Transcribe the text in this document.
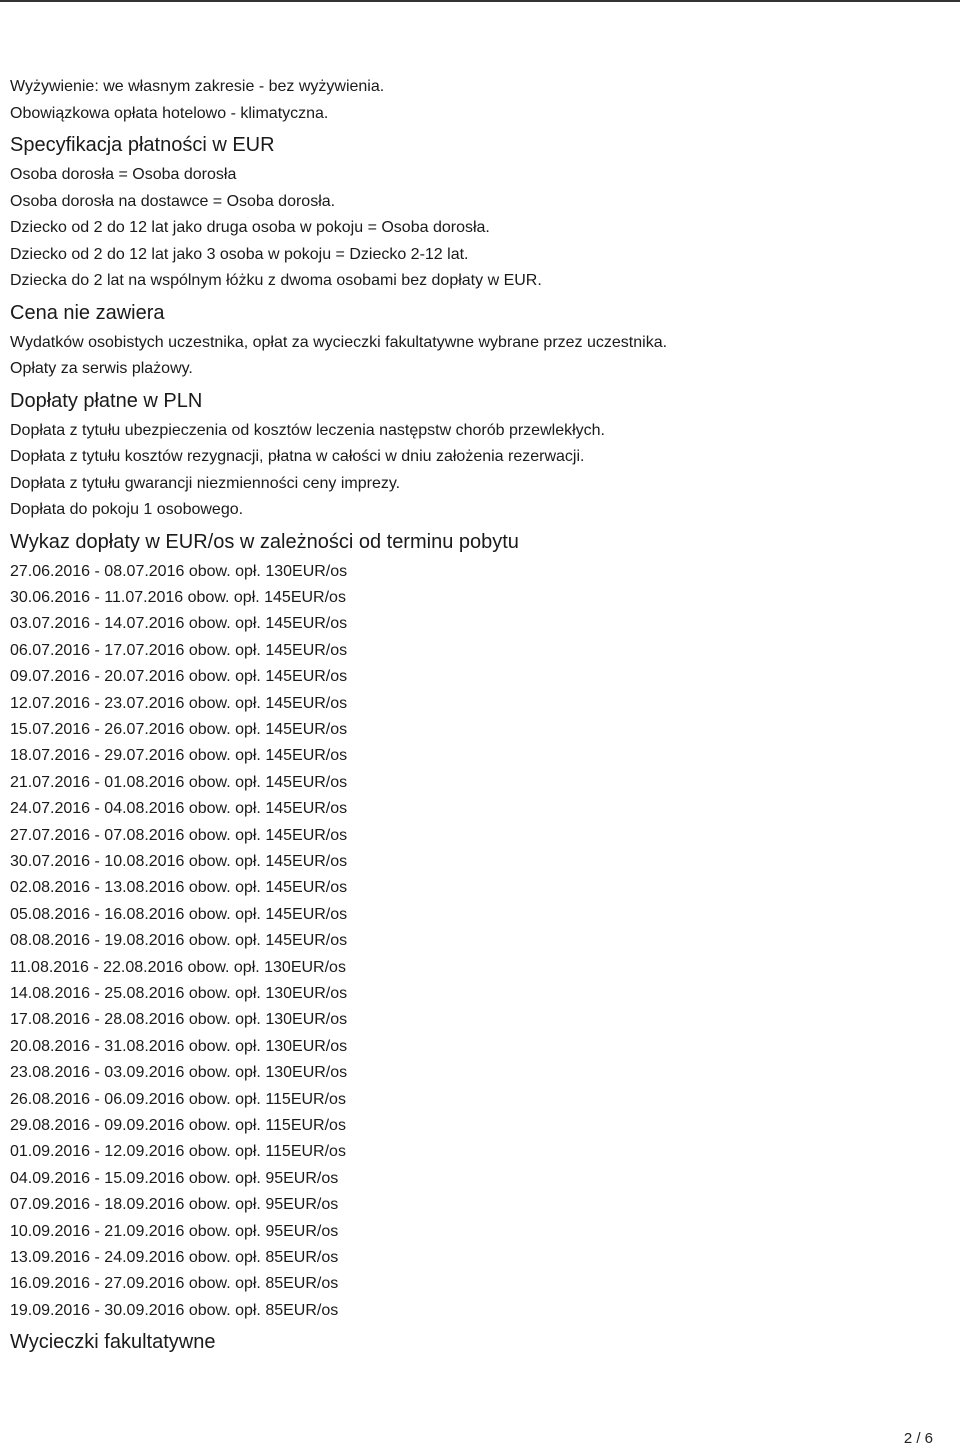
Wyżywienie: we własnym zakresie - bez wyżywienia.

Obowiązkowa opłata hotelowo - klimatyczna.

Specyfikacja płatności w EUR

Osoba dorosła = Osoba dorosła

Osoba dorosła na dostawce = Osoba dorosła.

Dziecko od 2 do 12 lat jako druga osoba w pokoju = Osoba dorosła.

Dziecko od 2 do 12 lat jako 3 osoba w pokoju = Dziecko 2-12 lat.

Dziecka do 2 lat na wspólnym łóżku z dwoma osobami bez dopłaty w EUR.

Cena nie zawiera

Wydatków osobistych uczestnika, opłat za wycieczki fakultatywne wybrane przez uczestnika.

Opłaty za serwis plażowy.

Dopłaty płatne w PLN

Dopłata z tytułu ubezpieczenia od kosztów leczenia następstw chorób przewlekłych.

Dopłata z tytułu kosztów rezygnacji, płatna w całości w dniu założenia rezerwacji.

Dopłata z tytułu gwarancji niezmienności ceny imprezy.

Dopłata do pokoju 1 osobowego.

Wykaz dopłaty w EUR/os w zależności od terminu pobytu

27.06.2016 - 08.07.2016 obow. opł. 130EUR/os

30.06.2016 - 11.07.2016 obow. opł. 145EUR/os

03.07.2016 - 14.07.2016 obow. opł. 145EUR/os

06.07.2016 - 17.07.2016 obow. opł. 145EUR/os

09.07.2016 - 20.07.2016 obow. opł. 145EUR/os

12.07.2016 - 23.07.2016 obow. opł. 145EUR/os

15.07.2016 - 26.07.2016 obow. opł. 145EUR/os

18.07.2016 - 29.07.2016 obow. opł. 145EUR/os

21.07.2016 - 01.08.2016 obow. opł. 145EUR/os

24.07.2016 - 04.08.2016 obow. opł. 145EUR/os

27.07.2016 - 07.08.2016 obow. opł. 145EUR/os

30.07.2016 - 10.08.2016 obow. opł. 145EUR/os

02.08.2016 - 13.08.2016 obow. opł. 145EUR/os

05.08.2016 - 16.08.2016 obow. opł. 145EUR/os

08.08.2016 - 19.08.2016 obow. opł. 145EUR/os

11.08.2016 - 22.08.2016 obow. opł. 130EUR/os

14.08.2016 - 25.08.2016 obow. opł. 130EUR/os

17.08.2016 - 28.08.2016 obow. opł. 130EUR/os

20.08.2016 - 31.08.2016 obow. opł. 130EUR/os

23.08.2016 - 03.09.2016 obow. opł. 130EUR/os

26.08.2016 - 06.09.2016 obow. opł. 115EUR/os

29.08.2016 - 09.09.2016 obow. opł. 115EUR/os

01.09.2016 - 12.09.2016 obow. opł. 115EUR/os

04.09.2016 - 15.09.2016 obow. opł. 95EUR/os

07.09.2016 - 18.09.2016 obow. opł. 95EUR/os

10.09.2016 - 21.09.2016 obow. opł. 95EUR/os

13.09.2016 - 24.09.2016 obow. opł. 85EUR/os

16.09.2016 - 27.09.2016 obow. opł. 85EUR/os

19.09.2016 - 30.09.2016 obow. opł. 85EUR/os

Wycieczki fakultatywne
2 / 6
